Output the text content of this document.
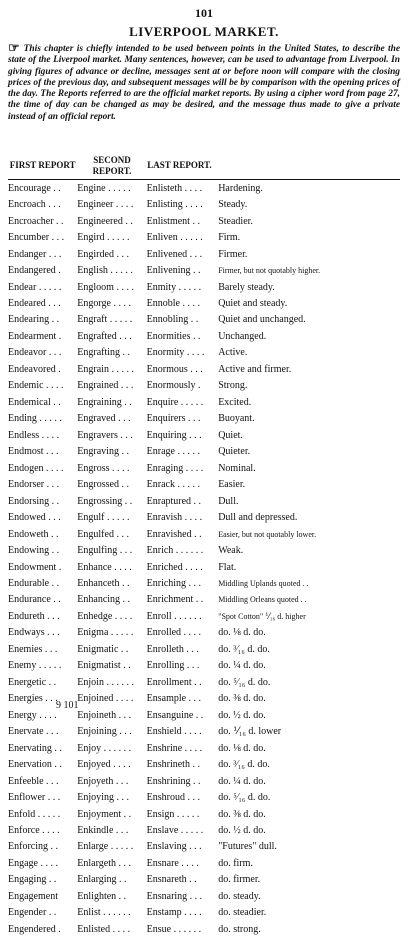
101
LIVERPOOL MARKET.
☞ This chapter is chiefly intended to be used between points in the United States, to describe the state of the Liverpool market. Many sentences, however, can be used to advantage from Liverpool. In giving figures of advance or decline, messages sent at or before noon will compare with the closing prices of the previous day, and subsequent messages will be by comparison with the opening prices of the day. The Reports referred to are the official market reports. By using a cipher word from page 27, the time of day can be changed as may be desired, and the message thus made to give a private instead of an official report.
FIRST REPORT	SECOND REPORT.	LAST REPORT.	
Encourage . .	Engine . . . . .	Enlisteth . . . .	Hardening.
Encroach . . .	Engineer . . . .	Enlisting . . . .	Steady.
Encroacher . .	Engineered . .	Enlistment . .	Steadier.
Encumber . . .	Engird . . . . .	Enliven . . . . .	Firm.
Endanger . . .	Engirded . . .	Enlivened . . .	Firmer.
Endangered .	English . . . . .	Enlivening . .	Firmer, but not quotably higher.
Endear . . . . .	Engloom . . . .	Enmity . . . . .	Barely steady.
Endeared . . .	Engorge . . . .	Ennoble . . . .	Quiet and steady.
Endearing . .	Engraft . . . . .	Ennobling . .	Quiet and unchanged.
Endearment .	Engrafted . . .	Enormities . .	Unchanged.
Endeavor . . .	Engrafting . .	Enormity . . . .	Active.
Endeavored .	Engrain . . . . .	Enormous . . .	Active and firmer.
Endemic . . . .	Engrained . . .	Enormously .	Strong.
Endemical . .	Engraining . .	Enquire . . . . .	Excited.
Ending . . . . .	Engraved . . .	Enquirers . . .	Buoyant.
Endless . . . .	Engravers . . .	Enquiring . . .	Quiet.
Endmost . . .	Engraving . .	Enrage . . . . .	Quieter.
Endogen . . . .	Engross . . . .	Enraging . . . .	Nominal.
Endorser . . .	Engrossed . .	Enrack . . . . .	Easier.
Endorsing . .	Engrossing . .	Enraptured . .	Dull.
Endowed . . .	Engulf . . . . .	Enravish . . . .	Dull and depressed.
Endoweth . .	Engulfed . . .	Enravished . .	Easier, but not quotably lower.
Endowing . .	Engulfing . . .	Enrich . . . . . .	Weak.
Endowment .	Enhance . . . .	Enriched . . . .	Flat.
Endurable . .	Enhanceth . .	Enriching . . .	Middling Uplands quoted . .
Endurance . .	Enhancing . .	Enrichment . .	Middling Orleans quoted . .
Endureth . . .	Enhedge . . . .	Enroll . . . . . .	"Spot Cotton" ⅟₁₆ d. higher
Endways . . .	Enigma . . . . .	Enrolled . . . .	do. ⅛ d. do.
Enemies . . .	Enigmatic . .	Enrolleth . . .	do. ³⁄₁₆ d. do.
Enemy . . . . .	Enigmatist . .	Enrolling . . .	do. ¼ d. do.
Energetic . .	Enjoin . . . . . .	Enrollment . .	do. ⁵⁄₁₆ d. do.
Energies . . .	Enjoined . . . .	Ensample . . .	do. ⅜ d. do.
Energy . . . .	Enjoineth . . .	Ensanguine . .	do. ½ d. do.
Enervate . . .	Enjoining . . .	Enshield . . . .	do. ⅟₁₆ d. lower
Enervating . .	Enjoy . . . . . .	Enshrine . . . .	do. ⅛ d. do.
Enervation . .	Enjoyed . . . .	Enshrineth . .	do. ³⁄₁₆ d. do.
Enfeeble . . .	Enjoyeth . . .	Enshrining . .	do. ¼ d. do.
Enflower . . .	Enjoying . . .	Enshroud . . .	do. ⁵⁄₁₆ d. do.
Enfold . . . . .	Enjoyment . .	Ensign . . . . .	do. ⅜ d. do.
Enforce . . . .	Enkindle . . .	Enslave . . . . .	do. ½ d. do.
Enforcing . .	Enlarge . . . . .	Enslaving . . .	"Futures" dull.
Engage . . . .	Enlargeth . . .	Ensnare . . . .	do. firm.
Engaging . .	Enlarging . .	Ensnareth . .	do. firmer.
Engagement	Enlighten . .	Ensnaring . . .	do. steady.
Engender . .	Enlist . . . . . .	Enstamp . . . .	do. steadier.
Engendered .	Enlisted . . . .	Ensue . . . . . .	do. strong.
9 101
